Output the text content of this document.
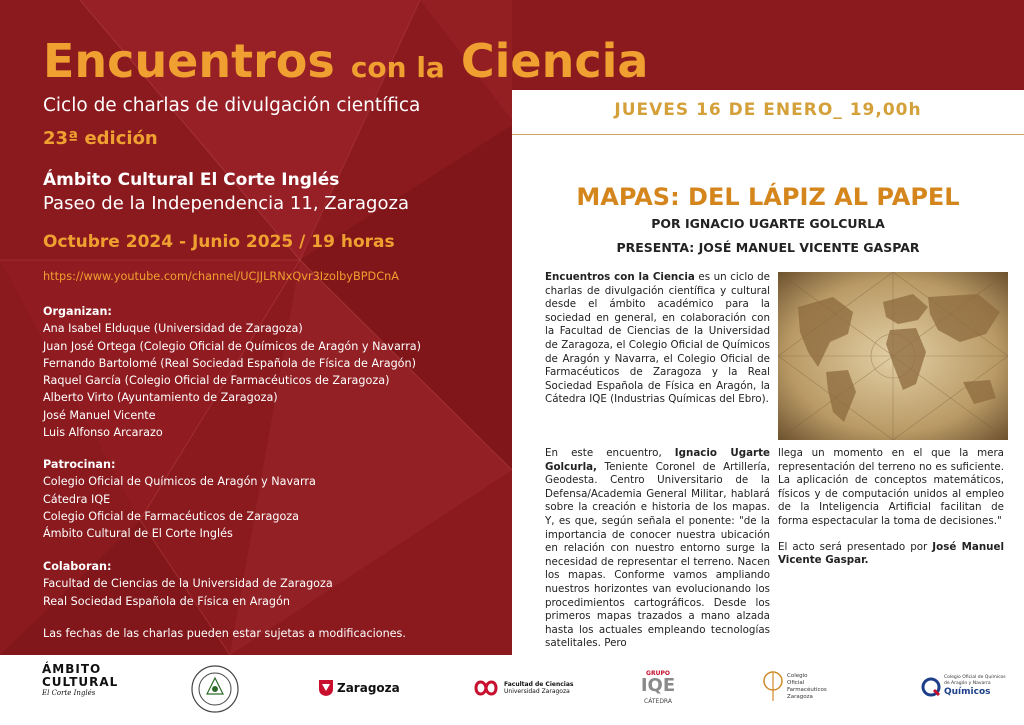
Encuentros con la Ciencia
Ciclo de charlas de divulgación científica
23ª edición
Ámbito Cultural El Corte Inglés
Paseo de la Independencia 11, Zaragoza
Octubre 2024 - Junio 2025 / 19 horas
https://www.youtube.com/channel/UCJJLRNxQvr3IzolbyBPDCnA
Organizan:
Ana Isabel Elduque (Universidad de Zaragoza)
Juan José Ortega (Colegio Oficial de Químicos de Aragón y Navarra)
Fernando Bartolomé (Real Sociedad Española de Física de Aragón)
Raquel García (Colegio Oficial de Farmacéuticos de Zaragoza)
Alberto Virto (Ayuntamiento de Zaragoza)
José Manuel Vicente
Luis Alfonso Arcarazo
Patrocinan:
Colegio Oficial de Químicos de Aragón y Navarra
Cátedra IQE
Colegio Oficial de Farmacéuticos de Zaragoza
Ámbito Cultural de El Corte Inglés
Colaboran:
Facultad de Ciencias de la Universidad de Zaragoza
Real Sociedad Española de Física en Aragón
Las fechas de las charlas pueden estar sujetas a modificaciones.
JUEVES 16 DE ENERO_ 19,00h
MAPAS: DEL LÁPIZ AL PAPEL
POR IGNACIO UGARTE GOLCURLA
PRESENTA: JOSÉ MANUEL VICENTE GASPAR

Encuentros con la Ciencia es un ciclo de charlas de divulgación científica y cultural desde el ámbito académico para la sociedad en general, en colaboración con la Facultad de Ciencias de la Universidad de Zaragoza, el Colegio Oficial de Químicos de Aragón y Navarra, el Colegio Oficial de Farmacéuticos de Zaragoza y la Real Sociedad Española de Física en Aragón, la Cátedra IQE (Industrias Químicas del Ebro).

En este encuentro, Ignacio Ugarte Golcurla, Teniente Coronel de Artillería, Geodesta. Centro Universitario de la Defensa/Academia General Militar, hablará sobre la creación e historia de los mapas. Y, es que, según señala el ponente: "de la importancia de conocer nuestra ubicación en relación con nuestro entorno surge la necesidad de representar el terreno. Nacen los mapas. Conforme vamos ampliando nuestros horizontes van evolucionando los procedimientos cartográficos. Desde los primeros mapas trazados a mano alzada hasta los actuales empleando tecnologías satelitales. Pero

llega un momento en el que la mera representación del terreno no es suficiente. La aplicación de conceptos matemáticos, físicos y de computación unidos al empleo de la Inteligencia Artificial facilitan de forma espectacular la toma de decisiones."

El acto será presentado por José Manuel Vicente Gaspar.

ÁMBITO
CULTURAL
El Corte Inglés	Zaragoza	Facultad de Ciencias
Universidad Zaragoza
GRUPO
IQE
CÁTEDRA
Colegio
Oficial
Farmacéuticos
Zaragoza
Colegio Oficial de Químicos
de Aragón y Navarra
Químicos
